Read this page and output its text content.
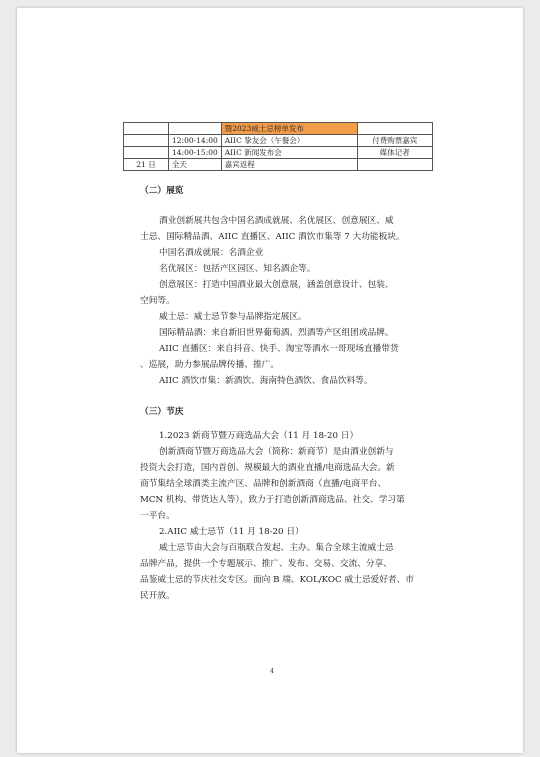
		暨2023威士忌榜单发布	
	12:00-14:00	AIIC 挚友会（午餐会）	付费购票嘉宾
	14:00-15:00	AIIC 新闻发布会	媒体记者
21 日	全天	嘉宾返程	

（二）展览

酒业创新展共包含中国名酒成就展、名优展区、创意展区、威

士忌、国际精品酒、AIIC 直播区、AIIC 酒饮市集等 7 大功能板块。

中国名酒成就展：名酒企业

名优展区：包括产区园区、知名酒企等。

创意展区：打造中国酒业最大创意展，涵盖创意设计、包装、

空间等。

威士忌：威士忌节参与品牌指定展区。

国际精品酒：来自新旧世界葡萄酒、烈酒等产区组团或品牌。

AIIC 直播区：来自抖音、快手、淘宝等酒水一哥现场直播带货

、巡展，助力参展品牌传播、推广。

AIIC 酒饮市集：新酒饮、海南特色酒饮、食品饮料等。

（三）节庆

1.2023 新商节暨万商选品大会（11 月 18-20 日）

创新酒商节暨万商选品大会（简称：新商节）是由酒业创新与

投资大会打造，国内首创、规模最大的酒业直播/电商选品大会。新

商节集结全球酒类主流产区、品牌和创新酒商（直播/电商平台、

MCN 机构、带货达人等），致力于打造创新酒商选品、社交、学习第

一平台。

2.AIIC 威士忌节（11 月 18-20 日）

威士忌节由大会与百瓶联合发起、主办。集合全球主流威士忌

品牌产品，提供一个专题展示、推广、发布、交易、交流、分享、

品鉴威士忌的节庆社交专区。面向 B 端、KOL/KOC 威士忌爱好者、市

民开放。

4
